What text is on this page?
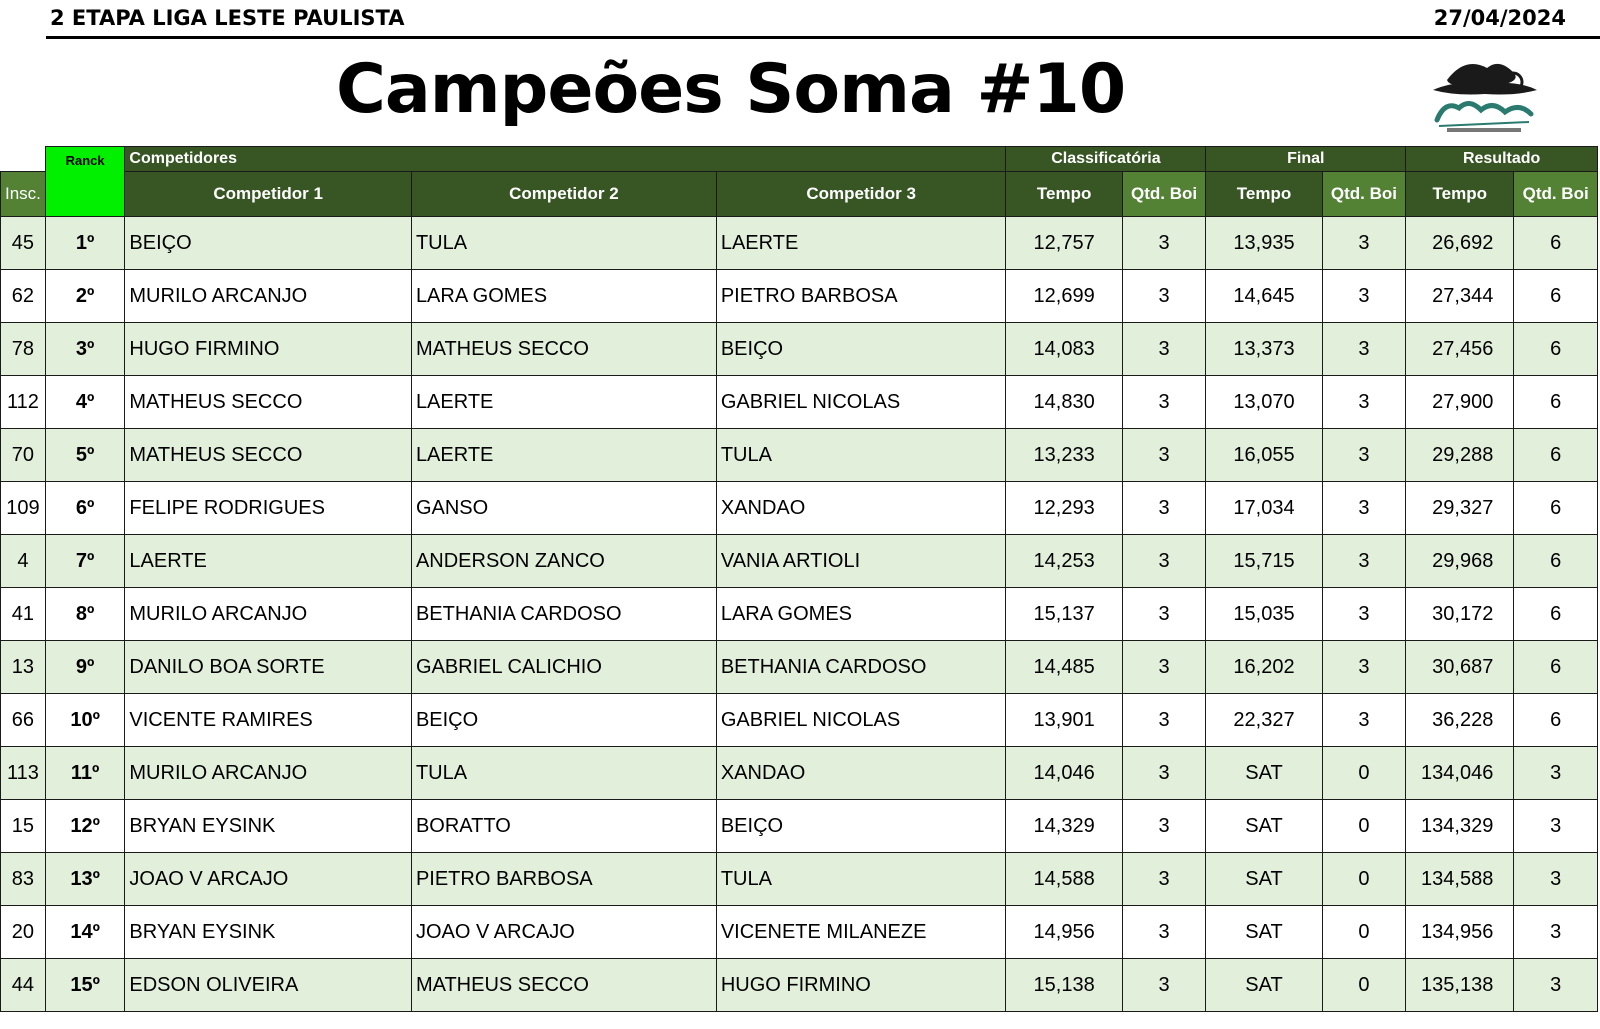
2 ETAPA LIGA LESTE PAULISTA	27/04/2024
Campeões Soma #10
	Ranck	Competidores			Classificatória		Final		Resultado	
Insc.		Competidor 1	Competidor 2	Competidor 3	Tempo	Qtd. Boi	Tempo	Qtd. Boi	Tempo	Qtd. Boi
45	1º	BEIÇO	TULA	LAERTE	12,757	3	13,935	3	26,692	6
62	2º	MURILO ARCANJO	LARA GOMES	PIETRO BARBOSA	12,699	3	14,645	3	27,344	6
78	3º	HUGO FIRMINO	MATHEUS SECCO	BEIÇO	14,083	3	13,373	3	27,456	6
112	4º	MATHEUS SECCO	LAERTE	GABRIEL NICOLAS	14,830	3	13,070	3	27,900	6
70	5º	MATHEUS SECCO	LAERTE	TULA	13,233	3	16,055	3	29,288	6
109	6º	FELIPE RODRIGUES	GANSO	XANDAO	12,293	3	17,034	3	29,327	6
4	7º	LAERTE	ANDERSON ZANCO	VANIA ARTIOLI	14,253	3	15,715	3	29,968	6
41	8º	MURILO ARCANJO	BETHANIA CARDOSO	LARA GOMES	15,137	3	15,035	3	30,172	6
13	9º	DANILO BOA SORTE	GABRIEL CALICHIO	BETHANIA CARDOSO	14,485	3	16,202	3	30,687	6
66	10º	VICENTE RAMIRES	BEIÇO	GABRIEL NICOLAS	13,901	3	22,327	3	36,228	6
113	11º	MURILO ARCANJO	TULA	XANDAO	14,046	3	SAT	0	134,046	3
15	12º	BRYAN EYSINK	BORATTO	BEIÇO	14,329	3	SAT	0	134,329	3
83	13º	JOAO V ARCAJO	PIETRO BARBOSA	TULA	14,588	3	SAT	0	134,588	3
20	14º	BRYAN EYSINK	JOAO V ARCAJO	VICENETE MILANEZE	14,956	3	SAT	0	134,956	3
44	15º	EDSON OLIVEIRA	MATHEUS SECCO	HUGO FIRMINO	15,138	3	SAT	0	135,138	3
